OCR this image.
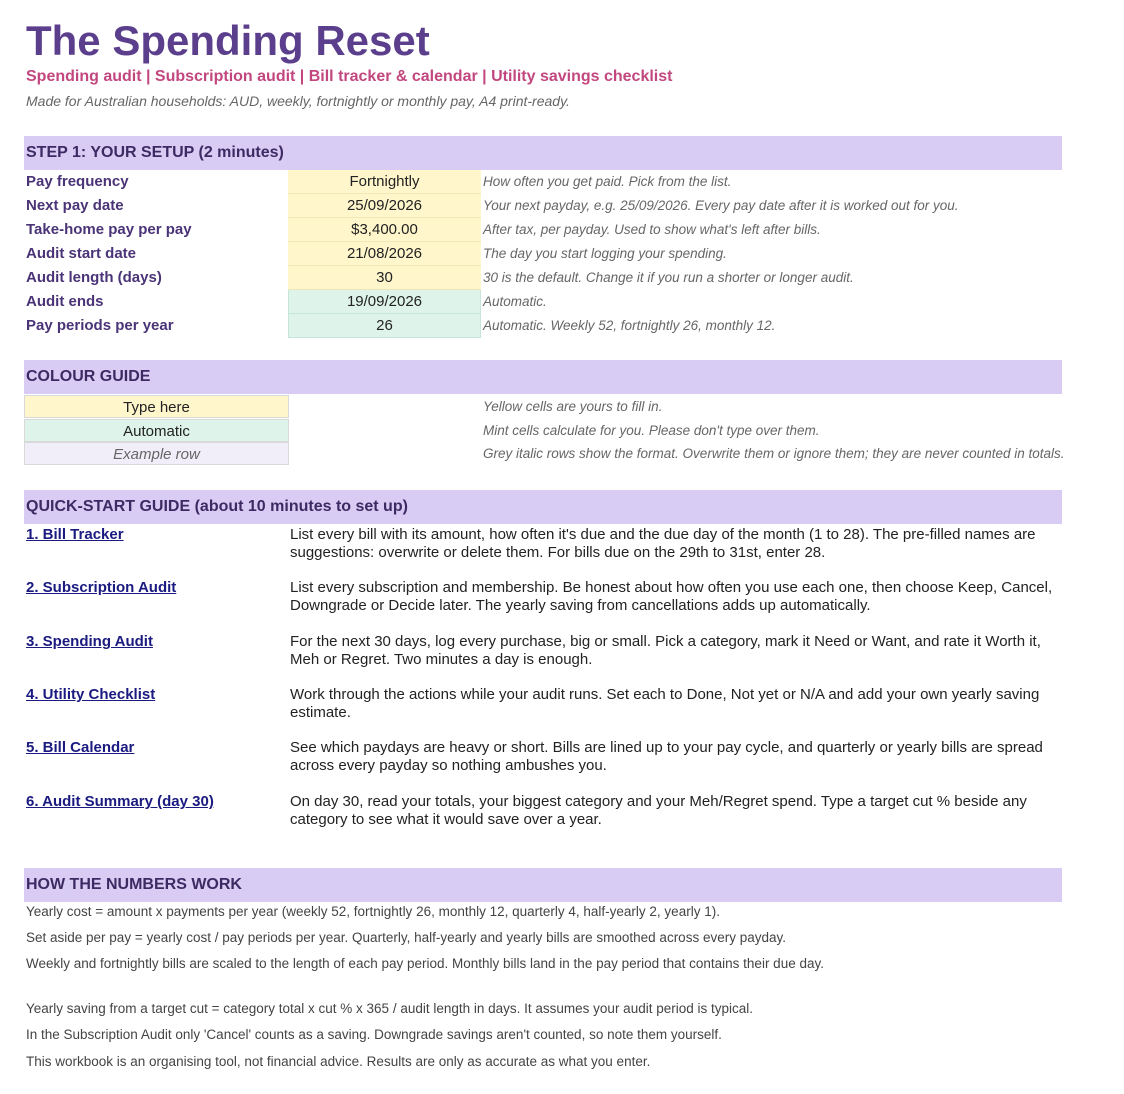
The Spending Reset
Spending audit | Subscription audit | Bill tracker & calendar | Utility savings checklist
Made for Australian households: AUD, weekly, fortnightly or monthly pay, A4 print-ready.
STEP 1: YOUR SETUP (2 minutes)
Pay frequency	Fortnightly	How often you get paid. Pick from the list.
Next pay date	25/09/2026	Your next payday, e.g. 25/09/2026. Every pay date after it is worked out for you.
Take-home pay per pay	$3,400.00	After tax, per payday. Used to show what's left after bills.
Audit start date	21/08/2026	The day you start logging your spending.
Audit length (days)	30	30 is the default. Change it if you run a shorter or longer audit.
Audit ends	19/09/2026	Automatic.
Pay periods per year	26	Automatic. Weekly 52, fortnightly 26, monthly 12.
COLOUR GUIDE
Type here	Yellow cells are yours to fill in.
Automatic	Mint cells calculate for you. Please don't type over them.
Example row	Grey italic rows show the format. Overwrite them or ignore them; they are never counted in totals.
QUICK-START GUIDE (about 10 minutes to set up)
1. Bill Tracker	List every bill with its amount, how often it's due and the due day of the month (1 to 28). The pre-filled names are suggestions: overwrite or delete them. For bills due on the 29th to 31st, enter 28.
2. Subscription Audit	List every subscription and membership. Be honest about how often you use each one, then choose Keep, Cancel, Downgrade or Decide later. The yearly saving from cancellations adds up automatically.
3. Spending Audit	For the next 30 days, log every purchase, big or small. Pick a category, mark it Need or Want, and rate it Worth it, Meh or Regret. Two minutes a day is enough.
4. Utility Checklist	Work through the actions while your audit runs. Set each to Done, Not yet or N/A and add your own yearly saving estimate.
5. Bill Calendar	See which paydays are heavy or short. Bills are lined up to your pay cycle, and quarterly or yearly bills are spread across every payday so nothing ambushes you.
6. Audit Summary (day 30)	On day 30, read your totals, your biggest category and your Meh/Regret spend. Type a target cut % beside any category to see what it would save over a year.
HOW THE NUMBERS WORK
Yearly cost = amount x payments per year (weekly 52, fortnightly 26, monthly 12, quarterly 4, half-yearly 2, yearly 1).
Set aside per pay = yearly cost / pay periods per year. Quarterly, half-yearly and yearly bills are smoothed across every payday.
Weekly and fortnightly bills are scaled to the length of each pay period. Monthly bills land in the pay period that contains their due day.
Yearly saving from a target cut = category total x cut % x 365 / audit length in days. It assumes your audit period is typical.
In the Subscription Audit only 'Cancel' counts as a saving. Downgrade savings aren't counted, so note them yourself.
This workbook is an organising tool, not financial advice. Results are only as accurate as what you enter.
